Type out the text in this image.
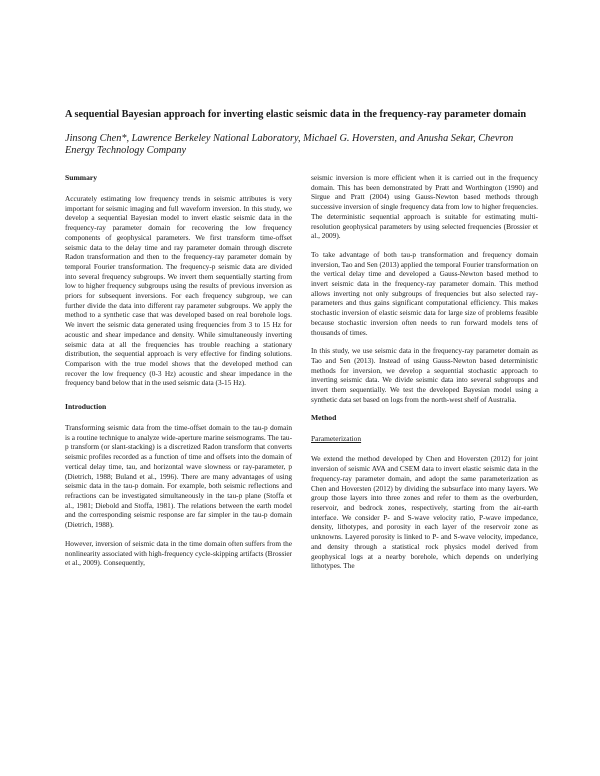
A sequential Bayesian approach for inverting elastic seismic data in the frequency-ray parameter domain
Jinsong Chen*, Lawrence Berkeley National Laboratory, Michael G. Hoversten, and Anusha Sekar, Chevron Energy Technology Company
Summary

Accurately estimating low frequency trends in seismic attributes is very important for seismic imaging and full waveform inversion. In this study, we develop a sequential Bayesian model to invert elastic seismic data in the frequency-ray parameter domain for recovering the low frequency components of geophysical parameters. We first transform time-offset seismic data to the delay time and ray parameter domain through discrete Radon transformation and then to the frequency-ray parameter domain by temporal Fourier transformation. The frequency-p seismic data are divided into several frequency subgroups. We invert them sequentially starting from low to higher frequency subgroups using the results of previous inversion as priors for subsequent inversions. For each frequency subgroup, we can further divide the data into different ray parameter subgroups. We apply the method to a synthetic case that was developed based on real borehole logs. We invert the seismic data generated using frequencies from 3 to 15 Hz for acoustic and shear impedance and density. While simultaneously inverting seismic data at all the frequencies has trouble reaching a stationary distribution, the sequential approach is very effective for finding solutions. Comparison with the true model shows that the developed method can recover the low frequency (0-3 Hz) acoustic and shear impedance in the frequency band below that in the used seismic data (3-15 Hz).

Introduction

Transforming seismic data from the time-offset domain to the tau-p domain is a routine technique to analyze wide-aperture marine seismograms. The tau-p transform (or slant-stacking) is a discretized Radon transform that converts seismic profiles recorded as a function of time and offsets into the domain of vertical delay time, tau, and horizontal wave slowness or ray-parameter, p (Dietrich, 1988; Buland et al., 1996). There are many advantages of using seismic data in the tau-p domain. For example, both seismic reflections and refractions can be investigated simultaneously in the tau-p plane (Stoffa et al., 1981; Diebold and Stoffa, 1981). The relations between the earth model and the corresponding seismic response are far simpler in the tau-p domain (Dietrich, 1988).

However, inversion of seismic data in the time domain often suffers from the nonlinearity associated with high-frequency cycle-skipping artifacts (Brossier et al., 2009). Consequently,

seismic inversion is more efficient when it is carried out in the frequency domain. This has been demonstrated by Pratt and Worthington (1990) and Sirgue and Pratt (2004) using Gauss-Newton based methods through successive inversion of single frequency data from low to higher frequencies. The deterministic sequential approach is suitable for estimating multi-resolution geophysical parameters by using selected frequencies (Brossier et al., 2009).

To take advantage of both tau-p transformation and frequency domain inversion, Tao and Sen (2013) applied the temporal Fourier transformation on the vertical delay time and developed a Gauss-Newton based method to invert seismic data in the frequency-ray parameter domain. This method allows inverting not only subgroups of frequencies but also selected ray-parameters and thus gains significant computational efficiency. This makes stochastic inversion of elastic seismic data for large size of problems feasible because stochastic inversion often needs to run forward models tens of thousands of times.

In this study, we use seismic data in the frequency-ray parameter domain as Tao and Sen (2013). Instead of using Gauss-Newton based deterministic methods for inversion, we develop a sequential stochastic approach to inverting seismic data. We divide seismic data into several subgroups and invert them sequentially. We test the developed Bayesian model using a synthetic data set based on logs from the north-west shelf of Australia.

Method
Parameterization

We extend the method developed by Chen and Hoversten (2012) for joint inversion of seismic AVA and CSEM data to invert elastic seismic data in the frequency-ray parameter domain, and adopt the same parameterization as Chen and Hoversten (2012) by dividing the subsurface into many layers. We group those layers into three zones and refer to them as the overburden, reservoir, and bedrock zones, respectively, starting from the air-earth interface. We consider P- and S-wave velocity ratio, P-wave impedance, density, lithotypes, and porosity in each layer of the reservoir zone as unknowns. Layered porosity is linked to P- and S-wave velocity, impedance, and density through a statistical rock physics model derived from geophysical logs at a nearby borehole, which depends on underlying lithotypes. The
